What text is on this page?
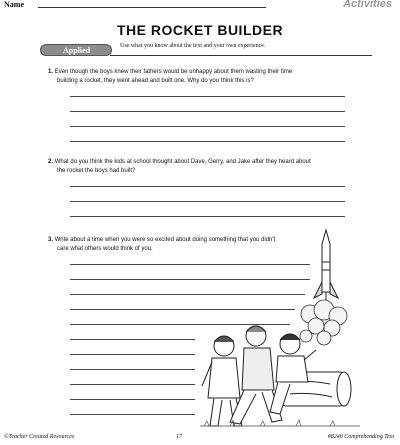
Name	Activities
THE ROCKET BUILDER
Applied	Use what you know about the text and your own experience.
1. Even though the boys knew their fathers would be unhappy about them wasting their time
building a rocket, they went ahead and built one. Why do you think this is?
2. What do you think the kids at school thought about Dave, Gerry, and Jake after they heard about
the rocket the boys had built?
3. Write about a time when you were so excited about doing something that you didn't
care what others would think of you.
©Teacher Created Resources	17	#8240 Comprehending Text
